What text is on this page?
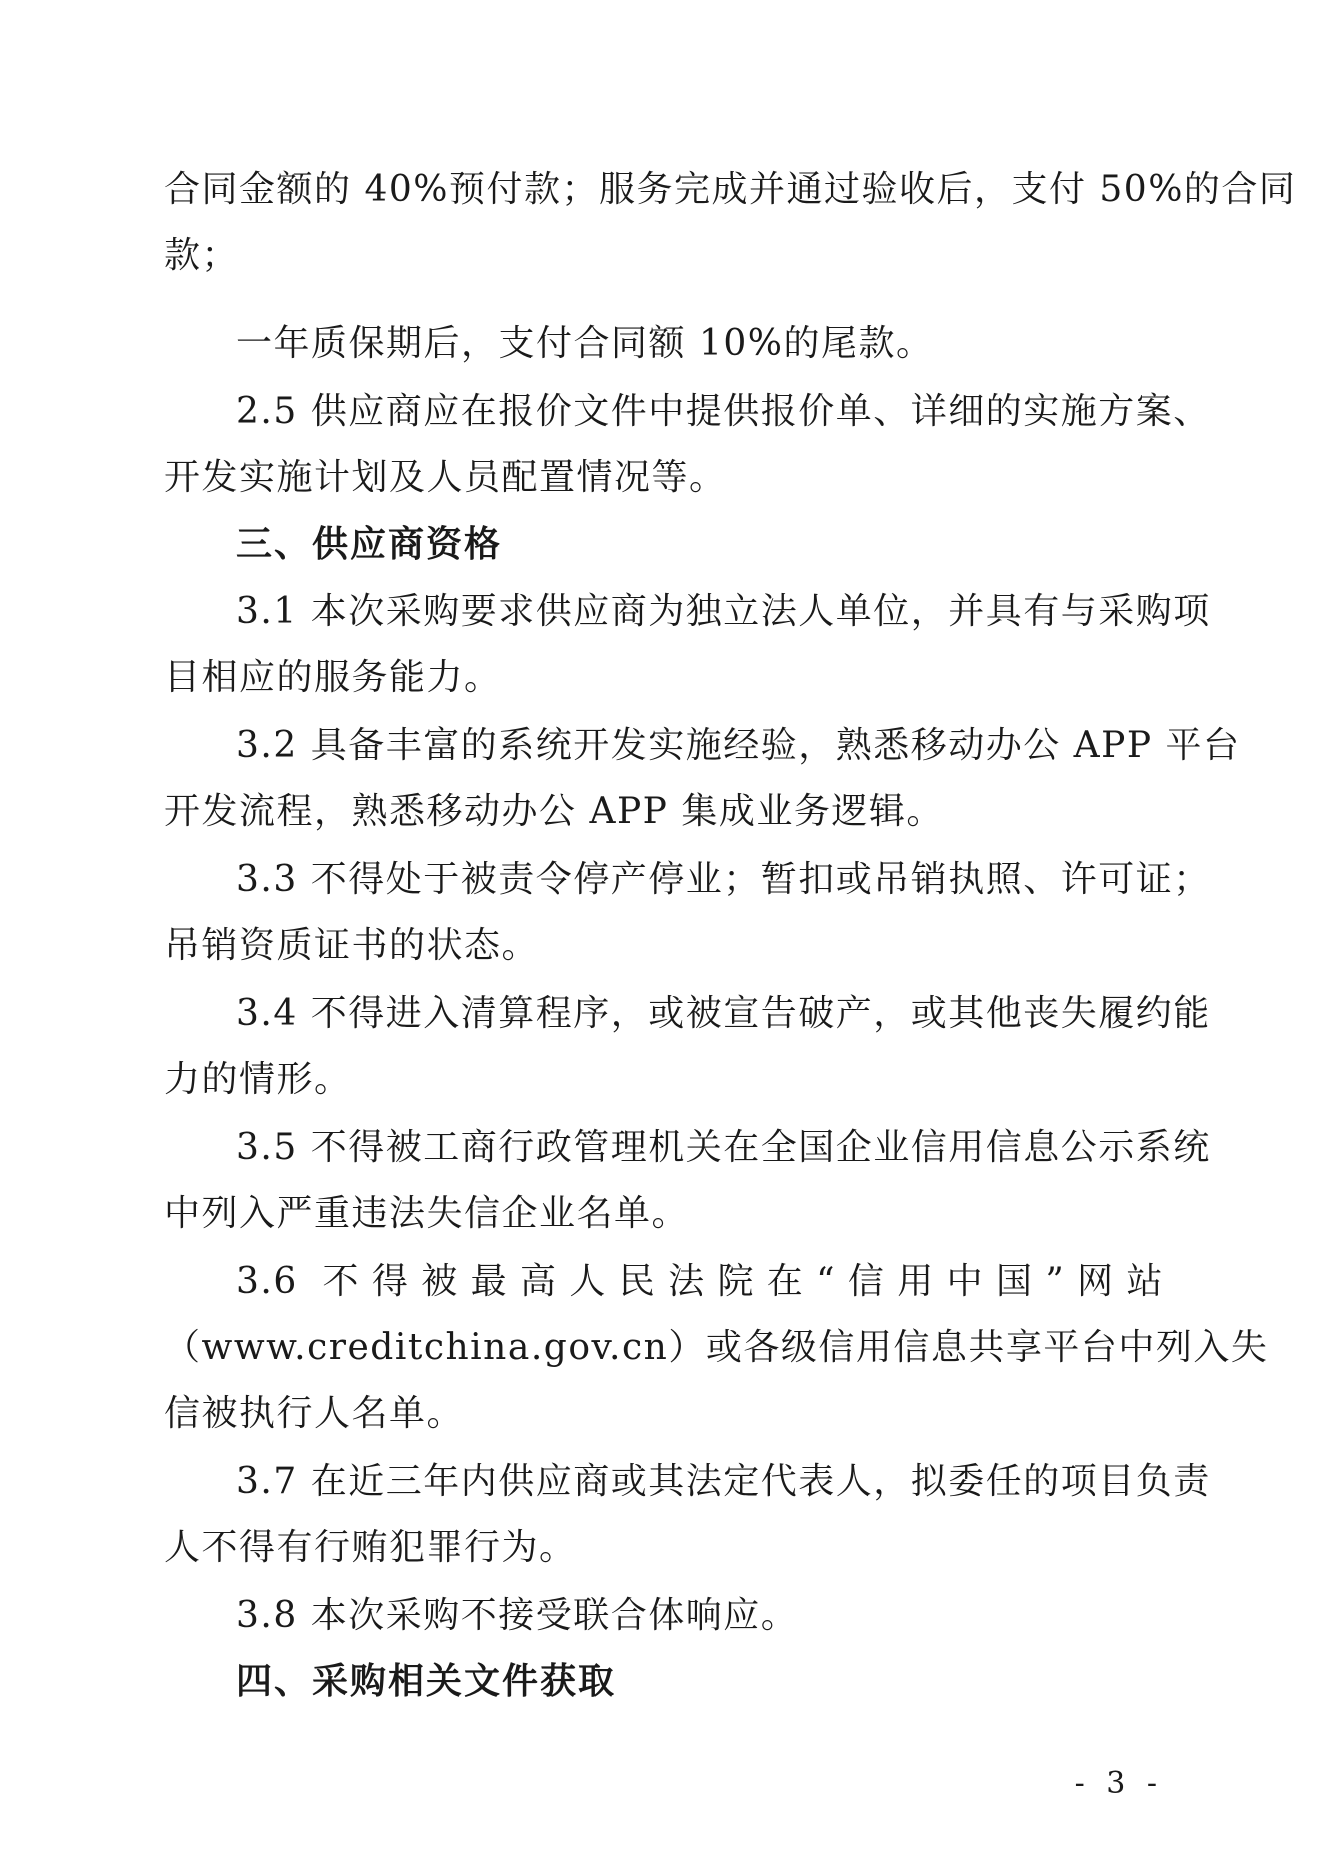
合同金额的 40%预付款；服务完成并通过验收后，支付 50%的合同
款；
一年质保期后，支付合同额 10%的尾款。
2.5 供应商应在报价文件中提供报价单、详细的实施方案、
开发实施计划及人员配置情况等。
三、供应商资格
3.1 本次采购要求供应商为独立法人单位，并具有与采购项
目相应的服务能力。
3.2 具备丰富的系统开发实施经验，熟悉移动办公 APP 平台
开发流程，熟悉移动办公 APP 集成业务逻辑。
3.3 不得处于被责令停产停业；暂扣或吊销执照、许可证；
吊销资质证书的状态。
3.4 不得进入清算程序，或被宣告破产，或其他丧失履约能
力的情形。
3.5 不得被工商行政管理机关在全国企业信用信息公示系统
中列入严重违法失信企业名单。
3.6 不得被最高人民法院在“信用中国”网站
（www.creditchina.gov.cn）或各级信用信息共享平台中列入失
信被执行人名单。
3.7 在近三年内供应商或其法定代表人，拟委任的项目负责
人不得有行贿犯罪行为。
3.8 本次采购不接受联合体响应。
四、采购相关文件获取
- 3 -
